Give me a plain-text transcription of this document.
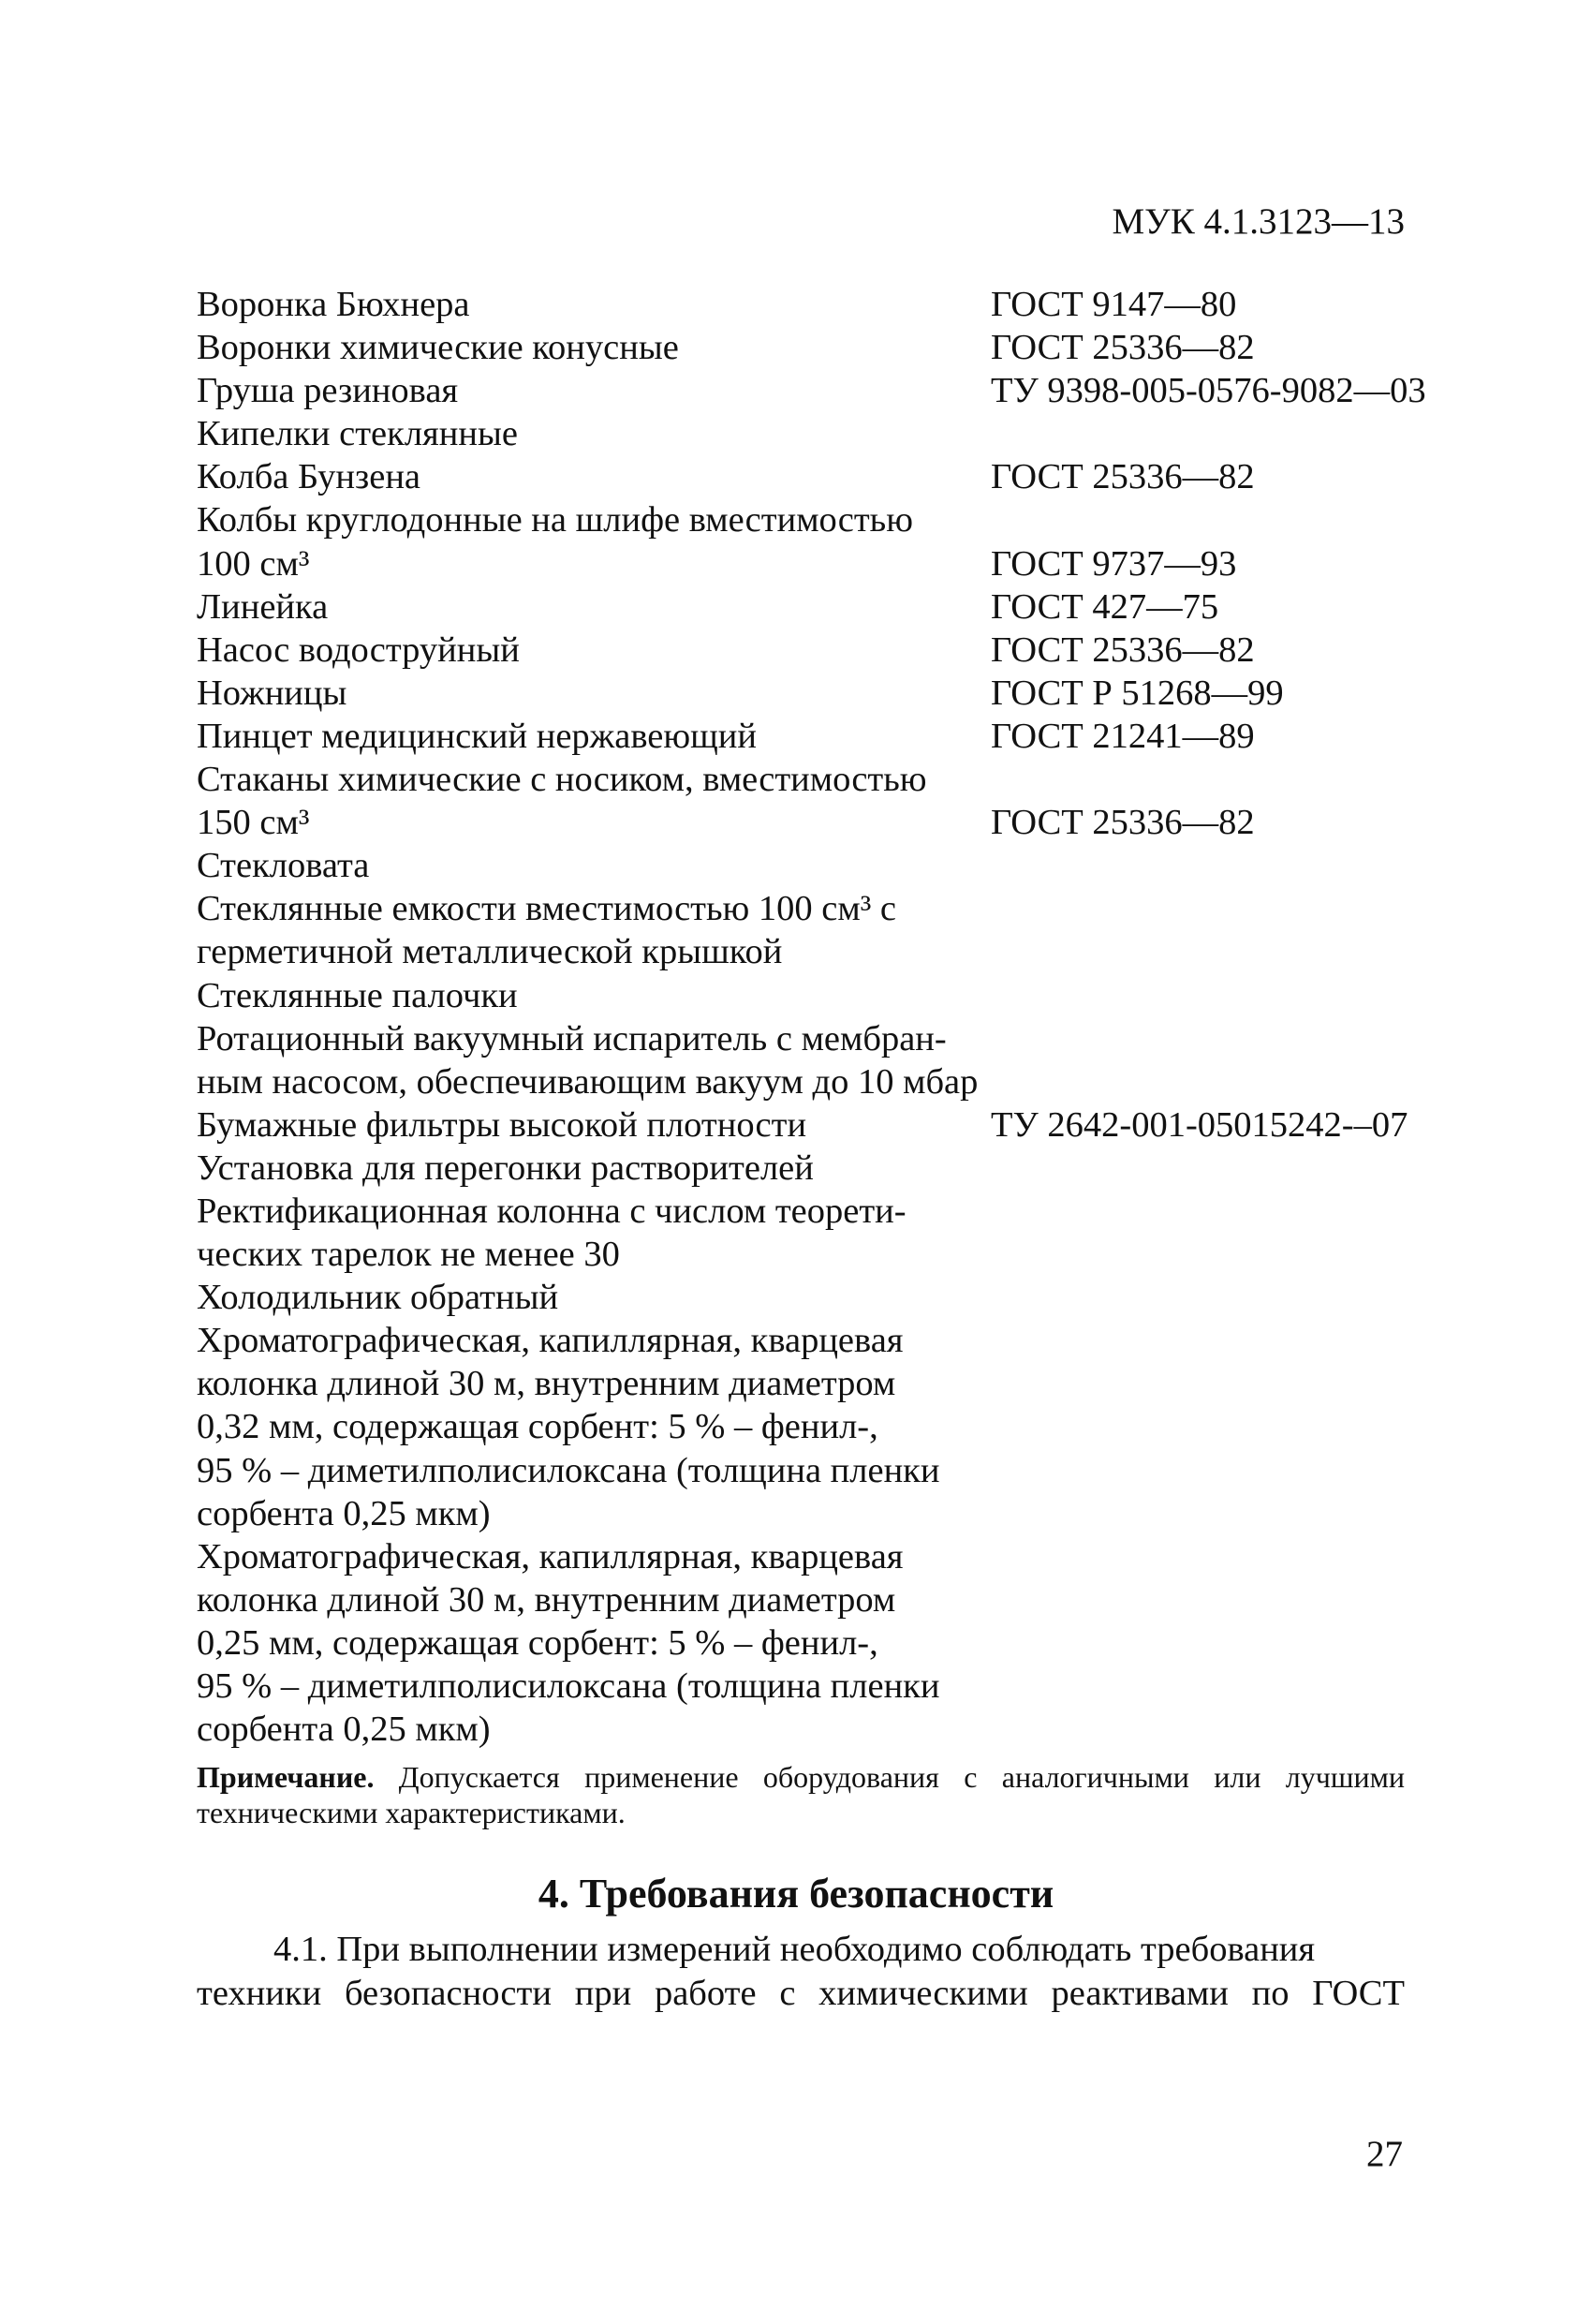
МУК 4.1.3123—13
Воронка Бюхнера	ГОСТ 9147—80
Воронки химические конусные	ГОСТ 25336—82
Груша резиновая	ТУ 9398-005-0576-9082—03
Кипелки стеклянные
Колба Бунзена	ГОСТ 25336—82
Колбы круглодонные на шлифе вместимостью
100 см³	ГОСТ 9737—93
Линейка	ГОСТ 427—75
Насос водоструйный	ГОСТ 25336—82
Ножницы	ГОСТ Р 51268—99
Пинцет медицинский нержавеющий	ГОСТ 21241—89
Стаканы химические с носиком, вместимостью
150 см³	ГОСТ 25336—82
Стекловата
Стеклянные емкости вместимостью 100 см³ с
герметичной металлической крышкой
Стеклянные палочки
Ротационный вакуумный испаритель с мембран-
ным насосом, обеспечивающим вакуум до 10 мбар
Бумажные фильтры высокой плотности	ТУ 2642-001-05015242-–07
Установка для перегонки растворителей
Ректификационная колонна с числом теорети-
ческих тарелок не менее 30
Холодильник обратный
Хроматографическая, капиллярная, кварцевая
колонка длиной 30 м, внутренним диаметром
0,32 мм, содержащая сорбент: 5 % – фенил-,
95 % – диметилполисилоксана (толщина пленки
сорбента 0,25 мкм)
Хроматографическая, капиллярная, кварцевая
колонка длиной 30 м, внутренним диаметром
0,25 мм, содержащая сорбент: 5 % – фенил-,
95 % – диметилполисилоксана (толщина пленки
сорбента 0,25 мкм)
Примечание. Допускается применение оборудования с аналогичными или лучшими техническими характеристиками.
4. Требования безопасности
4.1. При выполнении измерений необходимо соблюдать требования
техники безопасности при работе с химическими реактивами по ГОСТ
27
